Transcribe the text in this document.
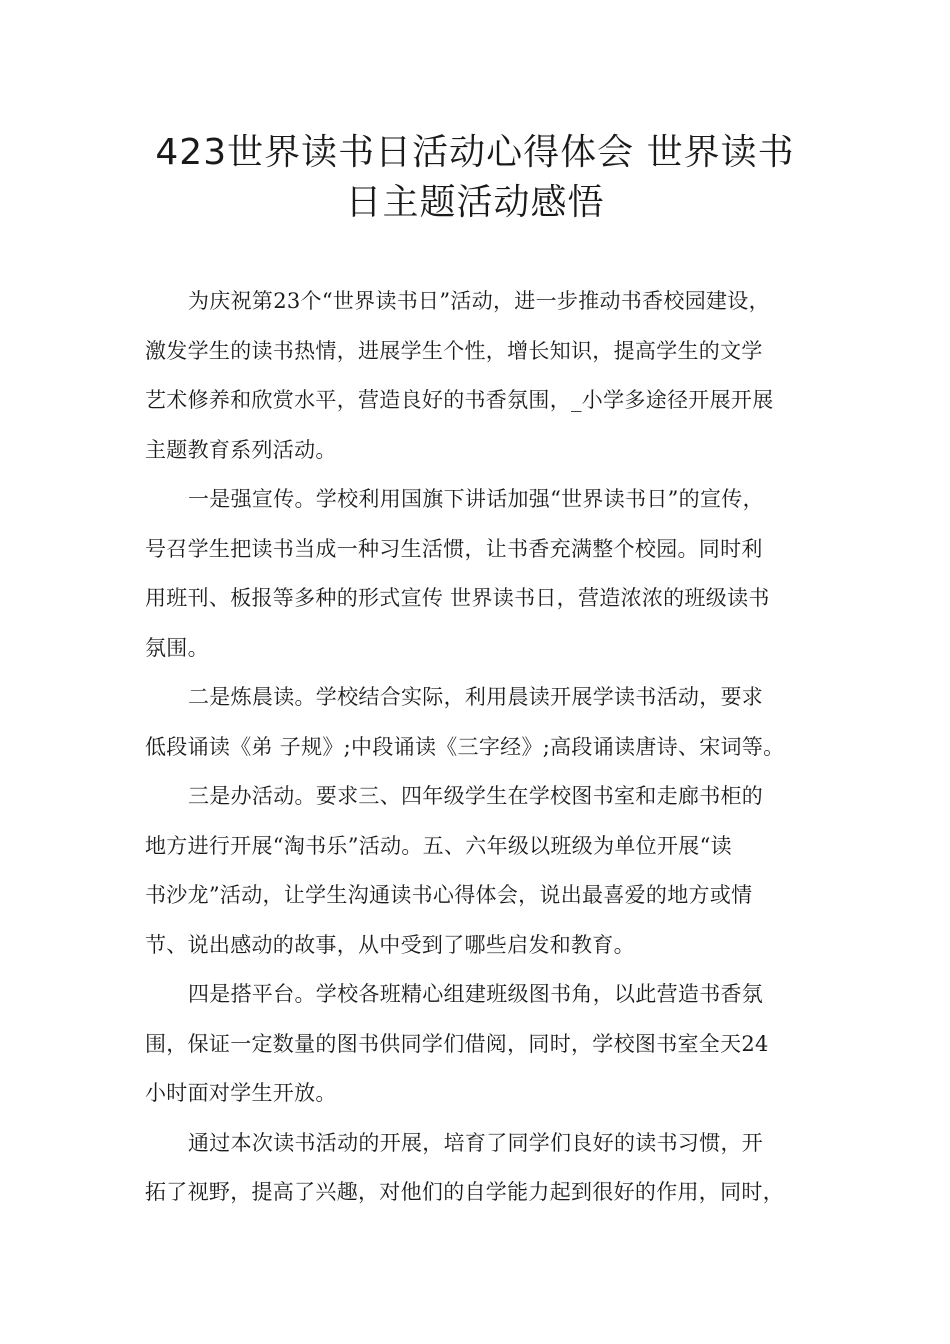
423世界读书日活动心得体会 世界读书
日主题活动感悟
为庆祝第23个“世界读书日”活动，进一步推动书香校园建设，
激发学生的读书热情，进展学生个性，增长知识，提高学生的文学
艺术修养和欣赏水平，营造良好的书香氛围，_小学多途径开展开展
主题教育系列活动。
一是强宣传。学校利用国旗下讲话加强“世界读书日”的宣传，
号召学生把读书当成一种习生活惯，让书香充满整个校园。同时利
用班刊、板报等多种的形式宣传 世界读书日，营造浓浓的班级读书
氛围。
二是炼晨读。学校结合实际，利用晨读开展学读书活动，要求
低段诵读《弟 子规》;中段诵读《三字经》;高段诵读唐诗、宋词等。
三是办活动。要求三、四年级学生在学校图书室和走廊书柜的
地方进行开展“淘书乐”活动。五、六年级以班级为单位开展“读
书沙龙”活动，让学生沟通读书心得体会，说出最喜爱的地方或情
节、说出感动的故事，从中受到了哪些启发和教育。
四是搭平台。学校各班精心组建班级图书角，以此营造书香氛
围，保证一定数量的图书供同学们借阅，同时，学校图书室全天24
小时面对学生开放。
通过本次读书活动的开展，培育了同学们良好的读书习惯，开
拓了视野，提高了兴趣，对他们的自学能力起到很好的作用，同时，
